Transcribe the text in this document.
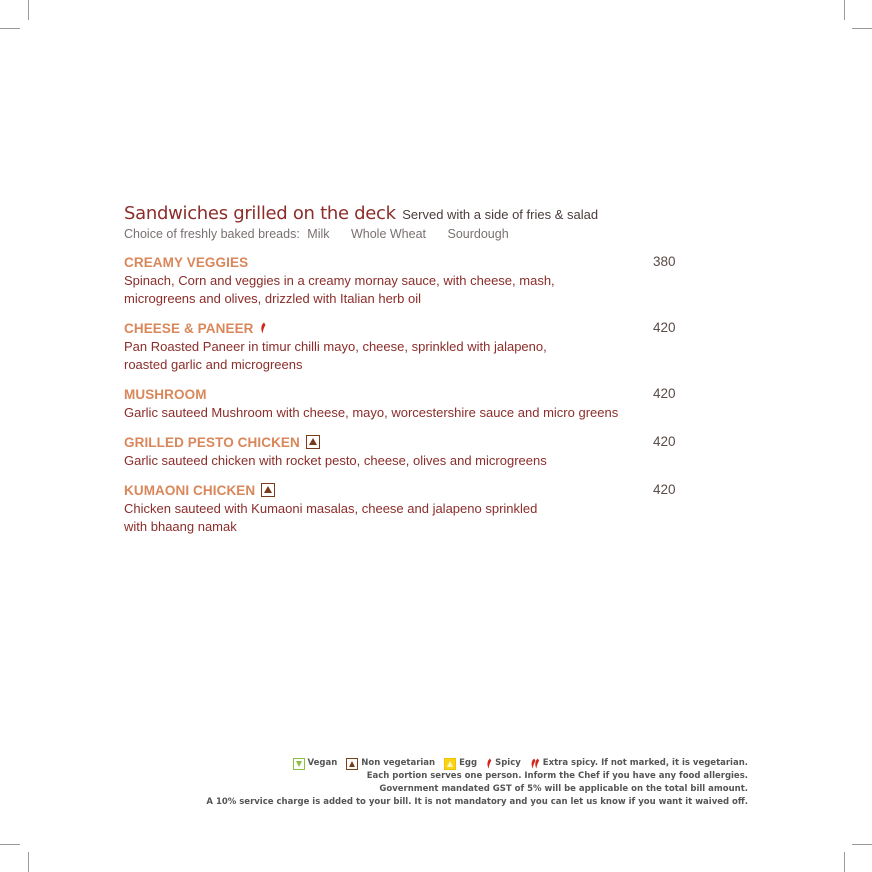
Sandwiches grilled on the deck Served with a side of fries & salad
Choice of freshly baked breads: Milk Whole Wheat Sourdough
CREAMY VEGGIES	380
Spinach, Corn and veggies in a creamy mornay sauce, with cheese, mash,
microgreens and olives, drizzled with Italian herb oil
CHEESE & PANEER	420
Pan Roasted Paneer in timur chilli mayo, cheese, sprinkled with jalapeno,
roasted garlic and microgreens
MUSHROOM	420
Garlic sauteed Mushroom with cheese, mayo, worcestershire sauce and micro greens
GRILLED PESTO CHICKEN	420
Garlic sauteed chicken with rocket pesto, cheese, olives and microgreens
KUMAONI CHICKEN	420
Chicken sauteed with Kumaoni masalas, cheese and jalapeno sprinkled
with bhaang namak
Vegan	Non vegetarian	Egg Spicy	Extra spicy. If not marked, it is vegetarian.
Each portion serves one person. Inform the Chef if you have any food allergies.
Government mandated GST of 5% will be applicable on the total bill amount.
A 10% service charge is added to your bill. It is not mandatory and you can let us know if you want it waived off.
